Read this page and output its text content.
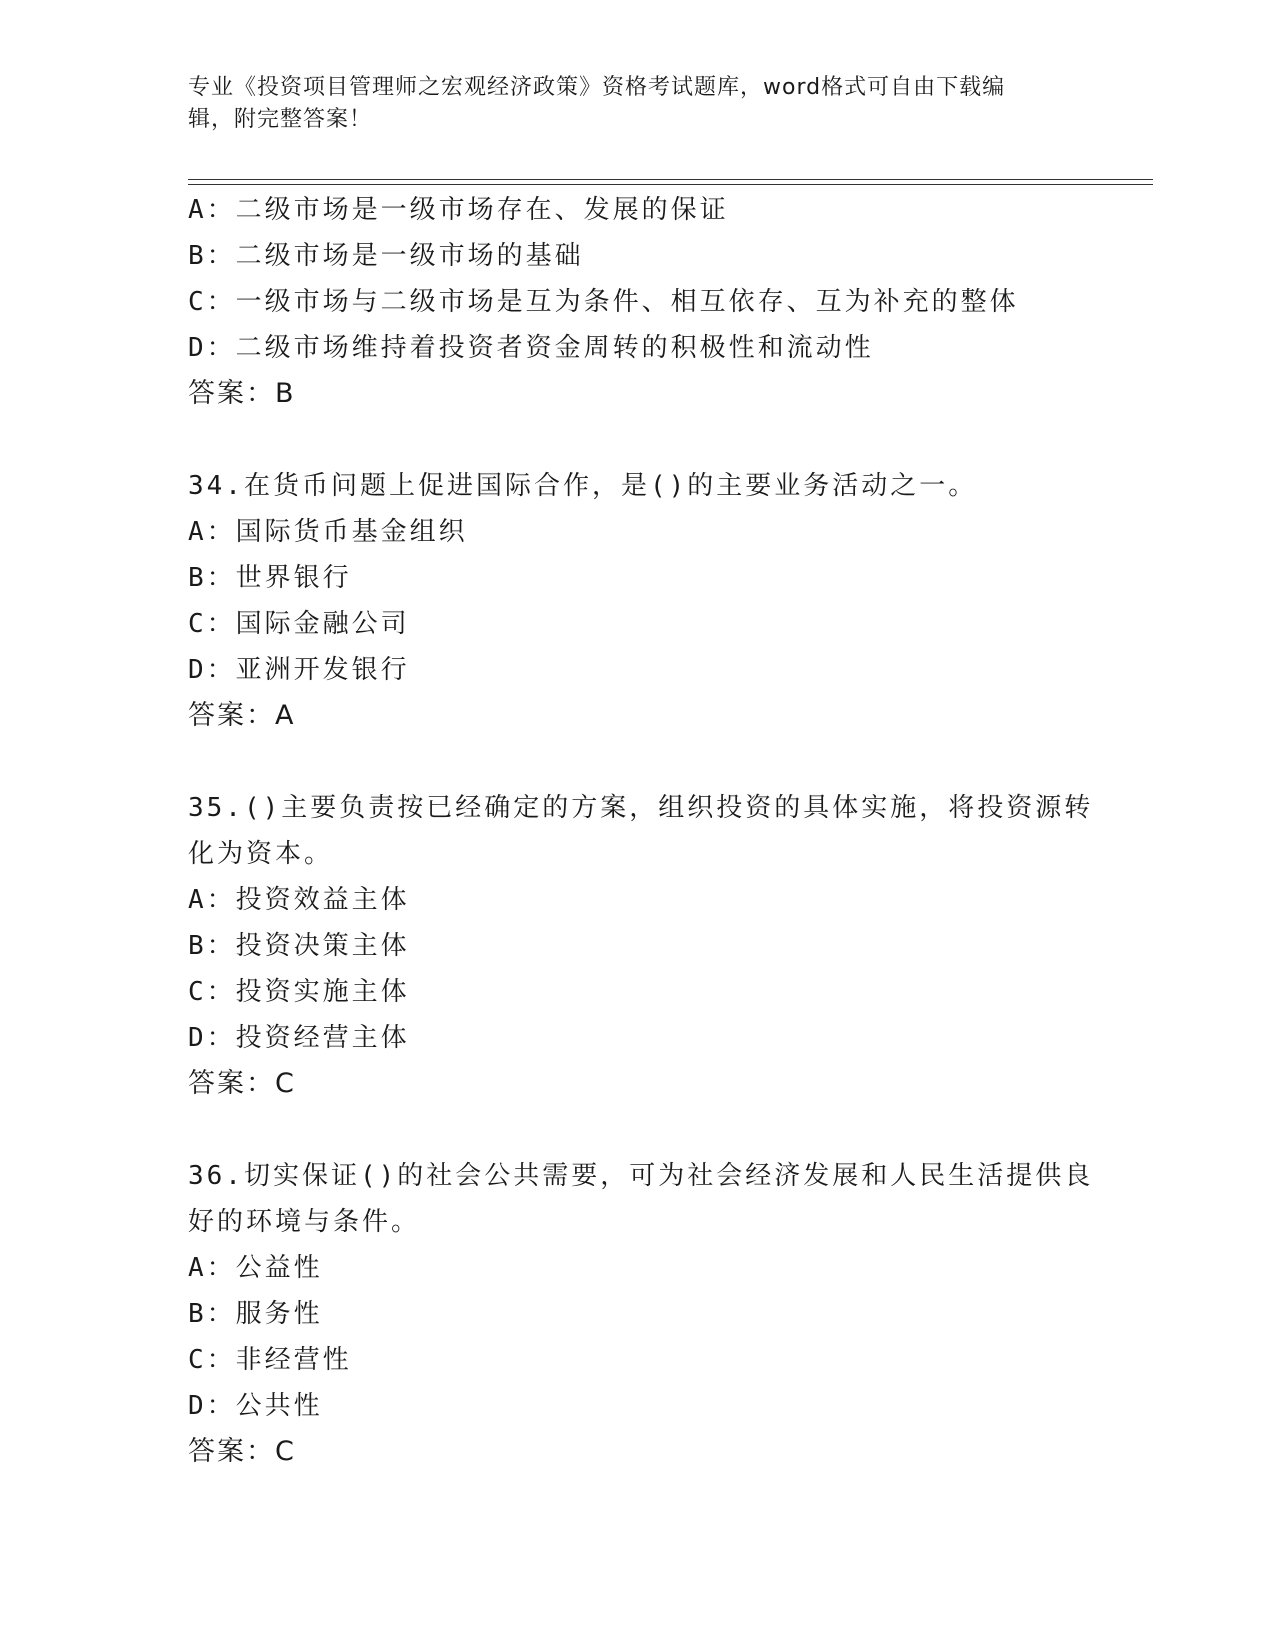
专业《投资项目管理师之宏观经济政策》资格考试题库，word格式可自由下载编
辑，附完整答案！
A：二级市场是一级市场存在、发展的保证
B：二级市场是一级市场的基础
C：一级市场与二级市场是互为条件、相互依存、互为补充的整体
D：二级市场维持着投资者资金周转的积极性和流动性
答案：B
34.在货币问题上促进国际合作，是()的主要业务活动之一。
A：国际货币基金组织
B：世界银行
C：国际金融公司
D：亚洲开发银行
答案：A
35.()主要负责按已经确定的方案，组织投资的具体实施，将投资源转
化为资本。
A：投资效益主体
B：投资决策主体
C：投资实施主体
D：投资经营主体
答案：C
36.切实保证()的社会公共需要，可为社会经济发展和人民生活提供良
好的环境与条件。
A：公益性
B：服务性
C：非经营性
D：公共性
答案：C
